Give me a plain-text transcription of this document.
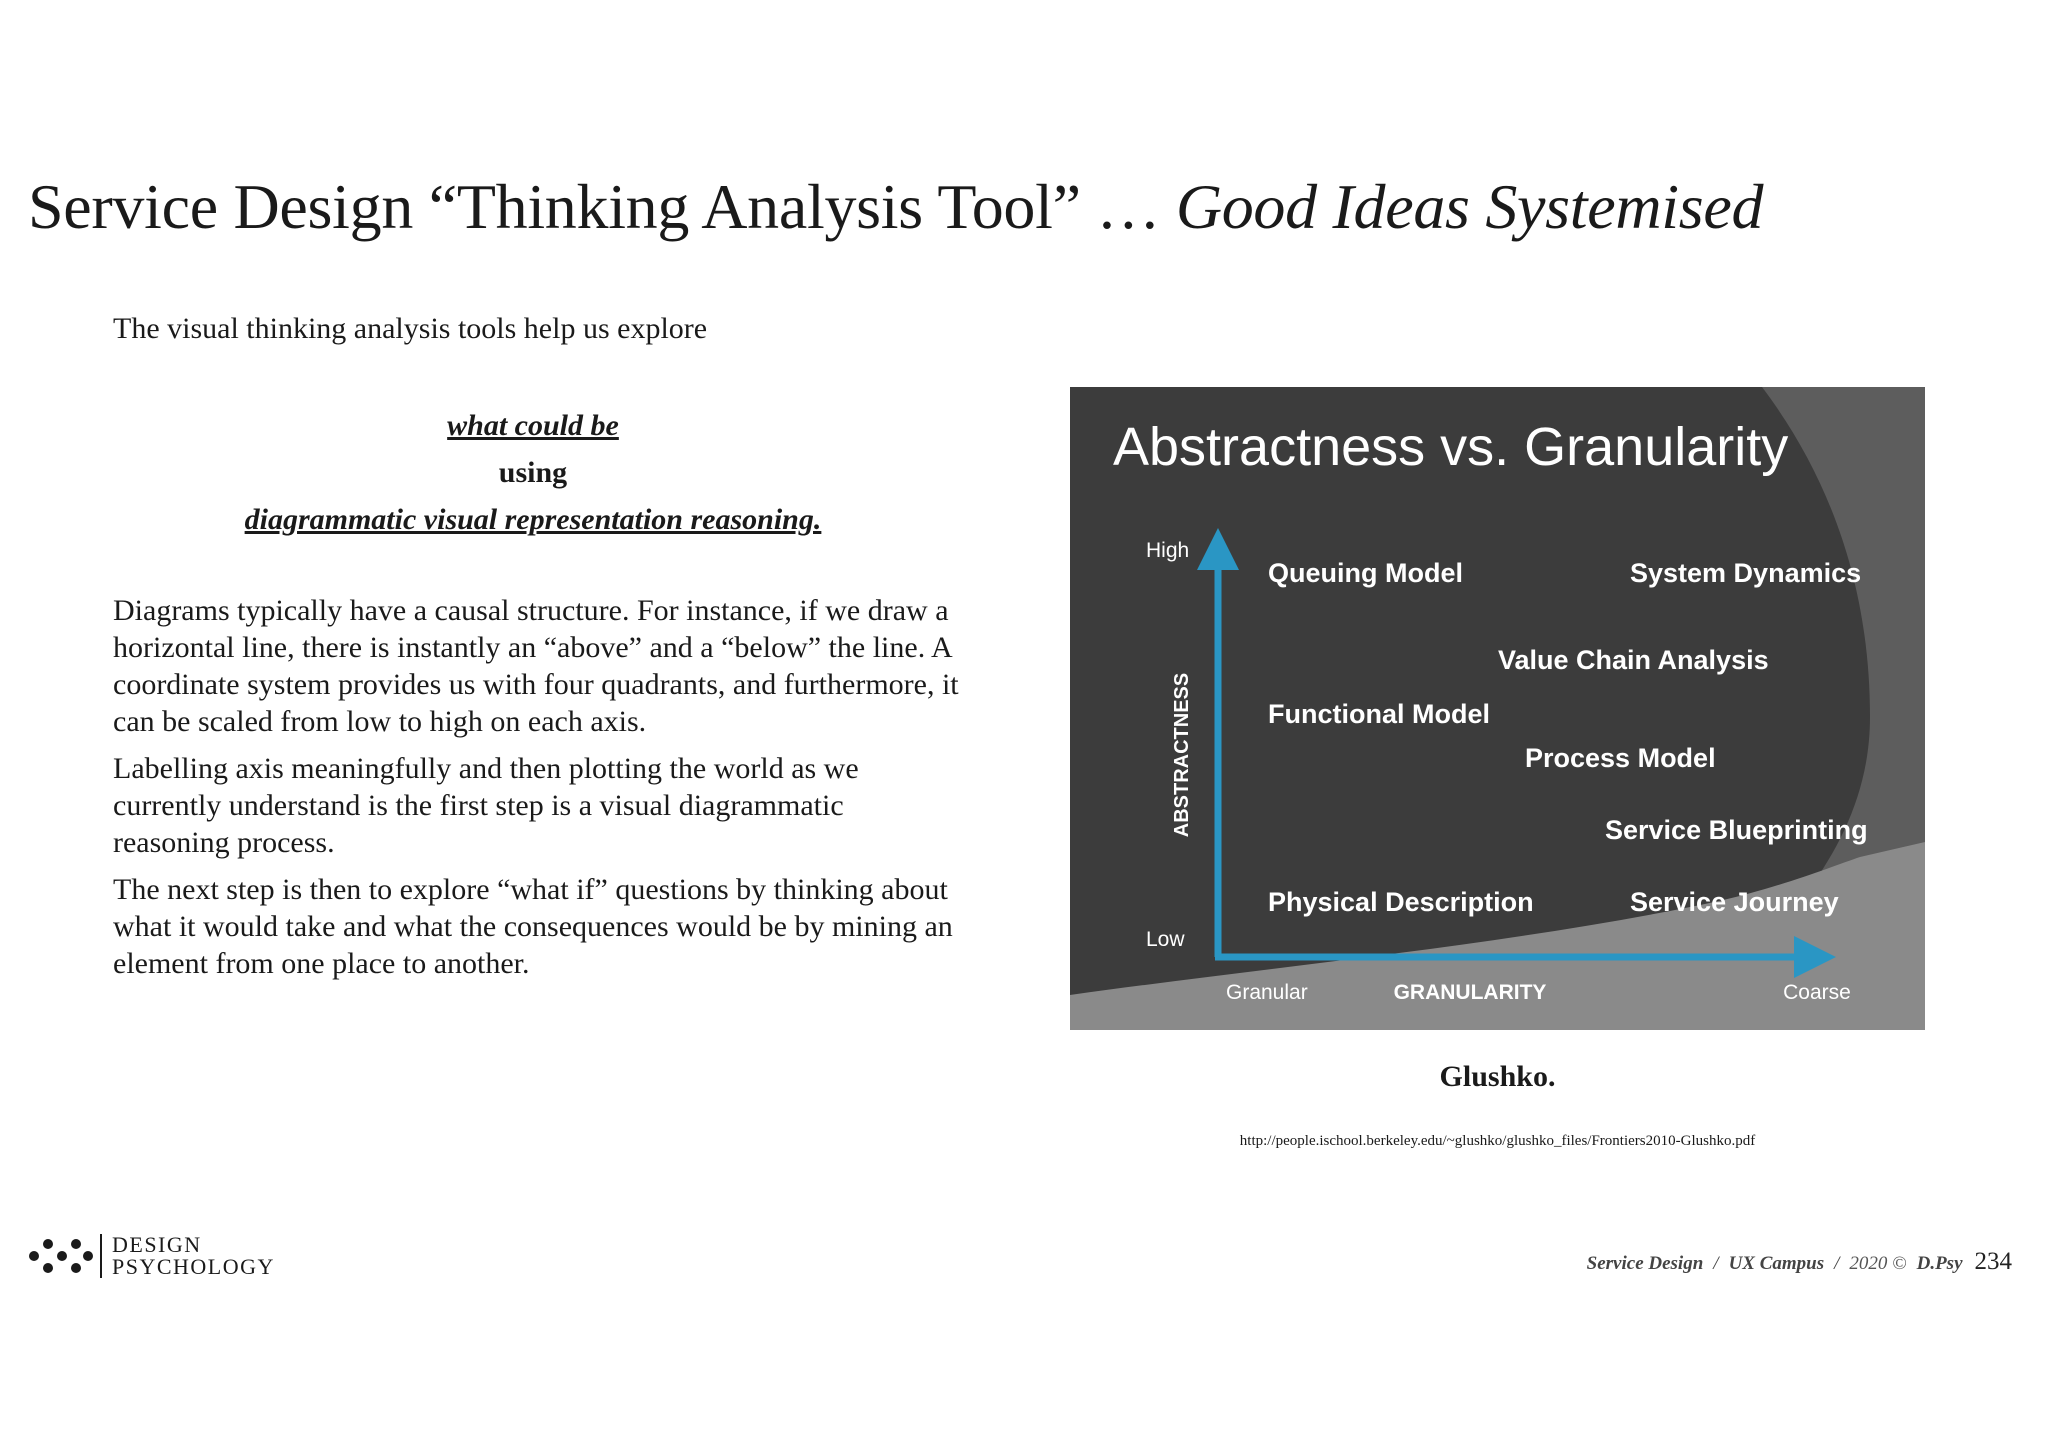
Service Design “Thinking Analysis Tool” … Good Ideas Systemised
The visual thinking analysis tools help us explore
what could be
using
diagrammatic visual representation reasoning.

Diagrams typically have a causal structure. For instance, if we draw a horizontal line, there is instantly an “above” and a “below” the line. A coordinate system provides us with four quadrants, and furthermore, it can be scaled from low to high on each axis.

Labelling axis meaningfully and then plotting the world as we currently understand is the first step is a visual diagrammatic reasoning process.

The next step is then to explore “what if” questions by thinking about what it would take and what the consequences would be by mining an element from one place to another.

Abstractness vs. Granularity
High
Low
ABSTRACTNESS
Granular	GRANULARITY	Coarse
Queuing Model	System Dynamics
Value Chain Analysis
Functional Model
Process Model
Service Blueprinting
Physical Description	Service Journey
Glushko.
http://people.ischool.berkeley.edu/~glushko/glushko_files/Frontiers2010-Glushko.pdf
DESIGN
PSYCHOLOGY	Service Design / UX Campus / 2020 © D.Psy 234
